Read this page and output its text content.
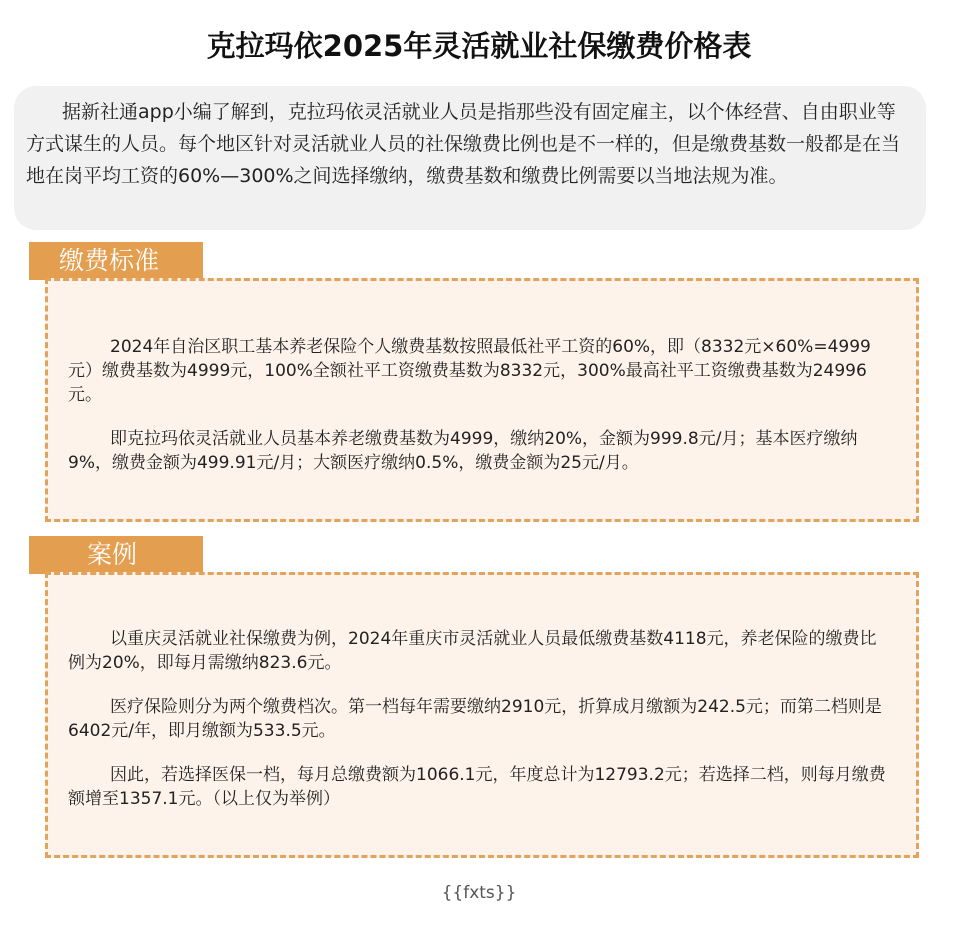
克拉玛依2025年灵活就业社保缴费价格表
据新社通app小编了解到，克拉玛依灵活就业人员是指那些没有固定雇主，以个体经营、自由职业等方式谋生的人员。每个地区针对灵活就业人员的社保缴费比例也是不一样的，但是缴费基数一般都是在当地在岗平均工资的60%—300%之间选择缴纳，缴费基数和缴费比例需要以当地法规为准。
缴费标准

2024年自治区职工基本养老保险个人缴费基数按照最低社平工资的60%，即（8332元×60%=4999元）缴费基数为4999元，100%全额社平工资缴费基数为8332元，300%最高社平工资缴费基数为24996元。

即克拉玛依灵活就业人员基本养老缴费基数为4999，缴纳20%，金额为999.8元/月；基本医疗缴纳9%，缴费金额为499.91元/月；大额医疗缴纳0.5%，缴费金额为25元/月。

案例

以重庆灵活就业社保缴费为例，2024年重庆市灵活就业人员最低缴费基数4118元，养老保险的缴费比例为20%，即每月需缴纳823.6元。

医疗保险则分为两个缴费档次。第一档每年需要缴纳2910元，折算成月缴额为242.5元；而第二档则是6402元/年，即月缴额为533.5元。

因此，若选择医保一档，每月总缴费额为1066.1元，年度总计为12793.2元；若选择二档，则每月缴费额增至1357.1元。（以上仅为举例）

{{fxts}}
